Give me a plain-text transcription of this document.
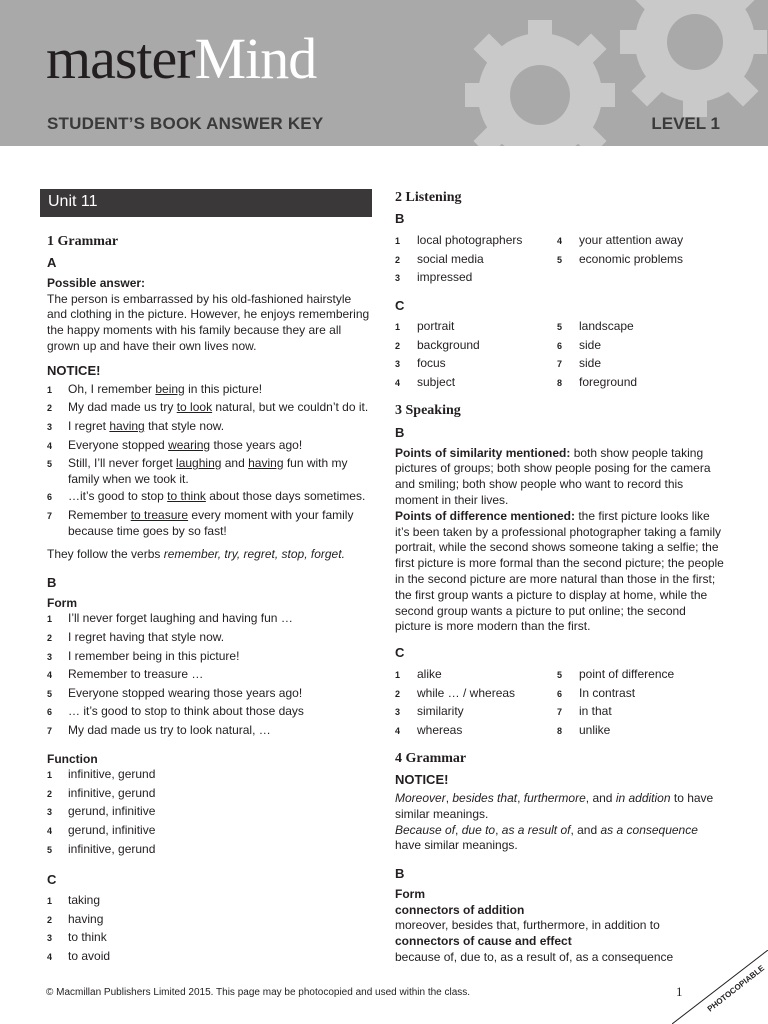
masterMind
STUDENT’S BOOK ANSWER KEY	LEVEL 1
Unit 11
1 Grammar
A
Possible answer:
The person is embarrassed by his old-fashioned hairstyle and clothing in the picture. However, he enjoys remembering the happy moments with his family because they are all grown up and have their own lives now.
NOTICE!
1	Oh, I remember being in this picture!
2	My dad made us try to look natural, but we couldn’t do it.
3	I regret having that style now.
4	Everyone stopped wearing those years ago!
5	Still, I’ll never forget laughing and having fun with my family when we took it.
6	…it’s good to stop to think about those days sometimes.
7	Remember to treasure every moment with your family because time goes by so fast!
They follow the verbs remember, try, regret, stop, forget.
B
Form
1	I’ll never forget laughing and having fun …
2	I regret having that style now.
3	I remember being in this picture!
4	Remember to treasure …
5	Everyone stopped wearing those years ago!
6	… it’s good to stop to think about those days
7	My dad made us try to look natural, …
Function
1	infinitive, gerund
2	infinitive, gerund
3	gerund, infinitive
4	gerund, infinitive
5	infinitive, gerund
C
1	taking
2	having
3	to think
4	to avoid
2 Listening
B
1	local photographers	4	your attention away
2	social media	5	economic problems
3	impressed
C
1	portrait	5	landscape
2	background	6	side
3	focus	7	side
4	subject	8	foreground
3 Speaking
B
Points of similarity mentioned: both show people taking pictures of groups; both show people posing for the camera and smiling; both show people who want to record this moment in their lives.
Points of difference mentioned: the first picture looks like it’s been taken by a professional photographer taking a family portrait, while the second shows someone taking a selfie; the first picture is more formal than the second picture; the people in the second picture are more natural than those in the first; the first group wants a picture to display at home, while the second group wants a picture to put online; the second picture is more modern than the first.
C
1	alike	5	point of difference
2	while … / whereas	6	In contrast
3	similarity	7	in that
4	whereas	8	unlike
4 Grammar
NOTICE!
Moreover, besides that, furthermore, and in addition to have similar meanings.
Because of, due to, as a result of, and as a consequence have similar meanings.
B
Form
connectors of addition
moreover, besides that, furthermore, in addition to
connectors of cause and effect
because of, due to, as a result of, as a consequence
© Macmillan Publishers Limited 2015. This page may be photocopied and used within the class.	1	PHOTOCOPIABLE
